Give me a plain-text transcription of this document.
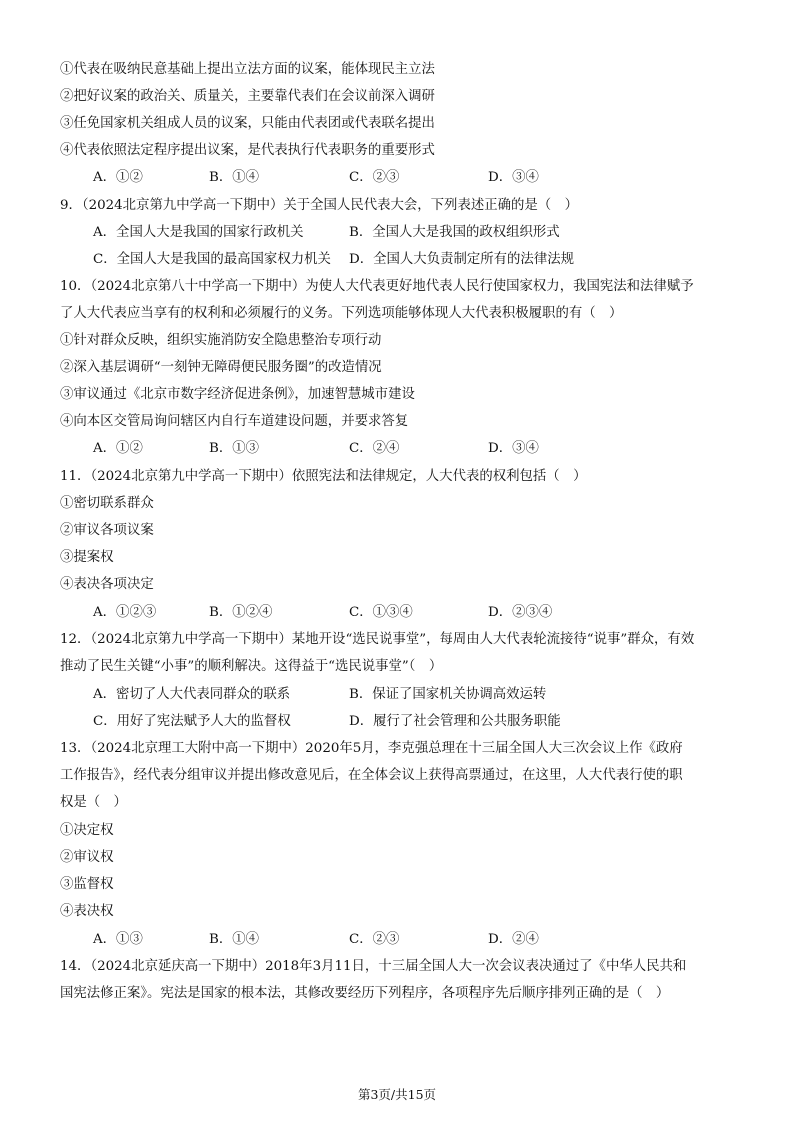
①代表在吸纳民意基础上提出立法方面的议案，能体现民主立法
②把好议案的政治关、质量关，主要靠代表们在会议前深入调研
③任免国家机关组成人员的议案，只能由代表团或代表联名提出
④代表依照法定程序提出议案，是代表执行代表职务的重要形式
A．①②	B．①④	C．②③	D．③④
9．（2024北京第九中学高一下期中）关于全国人民代表大会，下列表述正确的是（　）
A．全国人大是我国的国家行政机关	B．全国人大是我国的政权组织形式
C．全国人大是我国的最高国家权力机关 D．全国人大负责制定所有的法律法规
10．（2024北京第八十中学高一下期中）为使人大代表更好地代表人民行使国家权力，我国宪法和法律赋予
了人大代表应当享有的权利和必须履行的义务。下列选项能够体现人大代表积极履职的有（　）
①针对群众反映，组织实施消防安全隐患整治专项行动
②深入基层调研“一刻钟无障碍便民服务圈”的改造情况
③审议通过《北京市数字经济促进条例》，加速智慧城市建设
④向本区交管局询问辖区内自行车道建设问题，并要求答复
A．①②	B．①③	C．②④	D．③④
11．（2024北京第九中学高一下期中）依照宪法和法律规定，人大代表的权利包括（　）
①密切联系群众
②审议各项议案
③提案权
④表决各项决定
A．①②③	B．①②④	C．①③④	D．②③④
12．（2024北京第九中学高一下期中）某地开设“选民说事堂”，每周由人大代表轮流接待“说事”群众，有效
推动了民生关键“小事”的顺利解决。这得益于“选民说事堂”（　）
A．密切了人大代表同群众的联系	B．保证了国家机关协调高效运转
C．用好了宪法赋予人大的监督权	D．履行了社会管理和公共服务职能
13．（2024北京理工大附中高一下期中）2020年5月，李克强总理在十三届全国人大三次会议上作《政府
工作报告》，经代表分组审议并提出修改意见后，在全体会议上获得高票通过，在这里，人大代表行使的职
权是（　）
①决定权
②审议权
③监督权
④表决权
A．①③	B．①④	C．②③	D．②④
14．（2024北京延庆高一下期中）2018年3月11日，十三届全国人大一次会议表决通过了《中华人民共和
国宪法修正案》。宪法是国家的根本法，其修改要经历下列程序，各项程序先后顺序排列正确的是（　）
第3页/共15页
